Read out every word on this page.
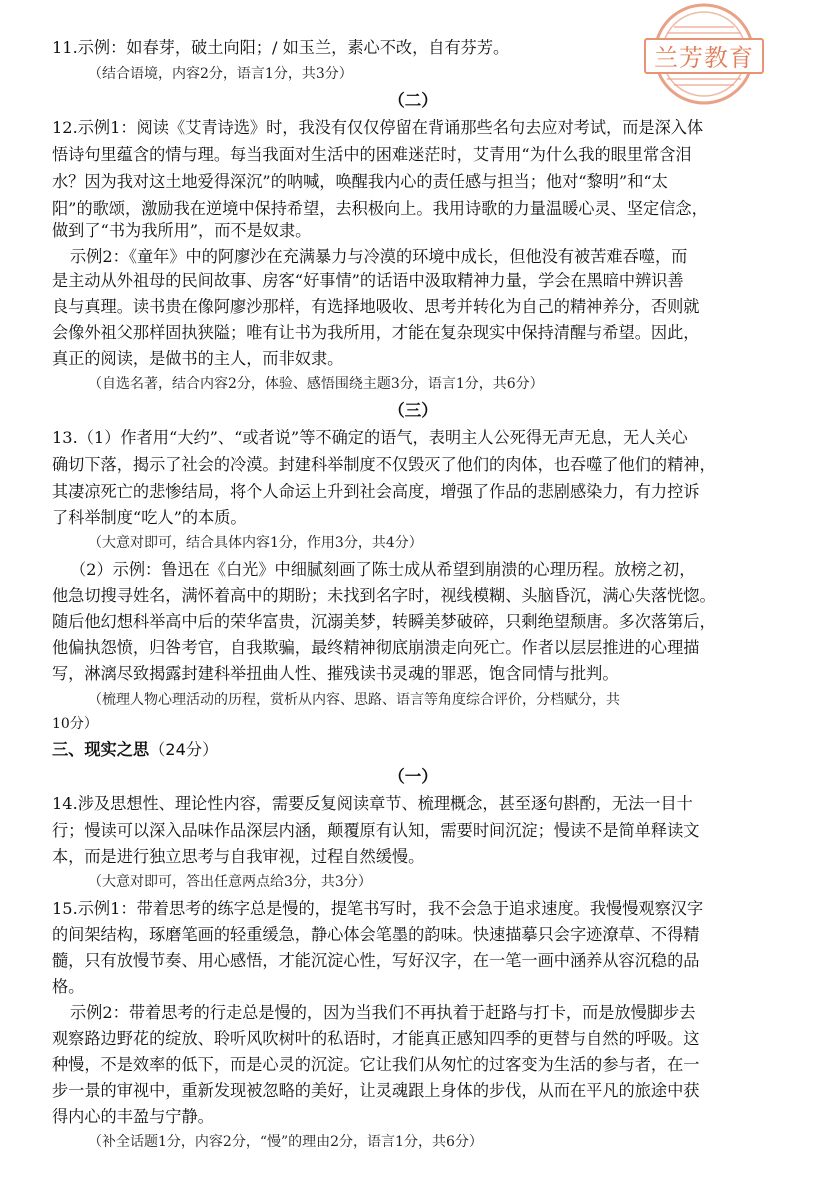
兰芳教育
11.示例：如春芽，破土向阳；/ 如玉兰，素心不改，自有芬芳。
（结合语境，内容2分，语言1分，共3分）
（二）
12.示例1：阅读《艾青诗选》时，我没有仅仅停留在背诵那些名句去应对考试，而是深入体
悟诗句里蕴含的情与理。每当我面对生活中的困难迷茫时，艾青用“为什么我的眼里常含泪
水？因为我对这土地爱得深沉”的呐喊，唤醒我内心的责任感与担当；他对“黎明”和“太
阳”的歌颂，激励我在逆境中保持希望，去积极向上。我用诗歌的力量温暖心灵、坚定信念，
做到了“书为我所用”，而不是奴隶。
示例2：《童年》中的阿廖沙在充满暴力与冷漠的环境中成长，但他没有被苦难吞噬，而
是主动从外祖母的民间故事、房客“好事情”的话语中汲取精神力量，学会在黑暗中辨识善
良与真理。读书贵在像阿廖沙那样，有选择地吸收、思考并转化为自己的精神养分，否则就
会像外祖父那样固执狭隘；唯有让书为我所用，才能在复杂现实中保持清醒与希望。因此，
真正的阅读，是做书的主人，而非奴隶。
（自选名著，结合内容2分，体验、感悟围绕主题3分，语言1分，共6分）
（三）
13.（1）作者用“大约”、“或者说”等不确定的语气，表明主人公死得无声无息，无人关心
确切下落，揭示了社会的冷漠。封建科举制度不仅毁灭了他们的肉体，也吞噬了他们的精神，
其凄凉死亡的悲惨结局，将个人命运上升到社会高度，增强了作品的悲剧感染力，有力控诉
了科举制度“吃人”的本质。
（大意对即可，结合具体内容1分，作用3分，共4分）
（2）示例：鲁迅在《白光》中细腻刻画了陈士成从希望到崩溃的心理历程。放榜之初，
他急切搜寻姓名，满怀着高中的期盼；未找到名字时，视线模糊、头脑昏沉，满心失落恍惚。
随后他幻想科举高中后的荣华富贵，沉溺美梦，转瞬美梦破碎，只剩绝望颓唐。多次落第后，
他偏执怨愤，归咎考官，自我欺骗，最终精神彻底崩溃走向死亡。作者以层层推进的心理描
写，淋漓尽致揭露封建科举扭曲人性、摧残读书灵魂的罪恶，饱含同情与批判。
（梳理人物心理活动的历程，赏析从内容、思路、语言等角度综合评价，分档赋分，共
10分）
三、现实之思（24分）
（一）
14.涉及思想性、理论性内容，需要反复阅读章节、梳理概念，甚至逐句斟酌，无法一目十
行；慢读可以深入品味作品深层内涵，颠覆原有认知，需要时间沉淀；慢读不是简单释读文
本，而是进行独立思考与自我审视，过程自然缓慢。
（大意对即可，答出任意两点给3分，共3分）
15.示例1：带着思考的练字总是慢的，提笔书写时，我不会急于追求速度。我慢慢观察汉字
的间架结构，琢磨笔画的轻重缓急，静心体会笔墨的韵味。快速描摹只会字迹潦草、不得精
髓，只有放慢节奏、用心感悟，才能沉淀心性，写好汉字，在一笔一画中涵养从容沉稳的品
格。
示例2：带着思考的行走总是慢的，因为当我们不再执着于赶路与打卡，而是放慢脚步去
观察路边野花的绽放、聆听风吹树叶的私语时，才能真正感知四季的更替与自然的呼吸。这
种慢，不是效率的低下，而是心灵的沉淀。它让我们从匆忙的过客变为生活的参与者，在一
步一景的审视中，重新发现被忽略的美好，让灵魂跟上身体的步伐，从而在平凡的旅途中获
得内心的丰盈与宁静。
（补全话题1分，内容2分，“慢”的理由2分，语言1分，共6分）
